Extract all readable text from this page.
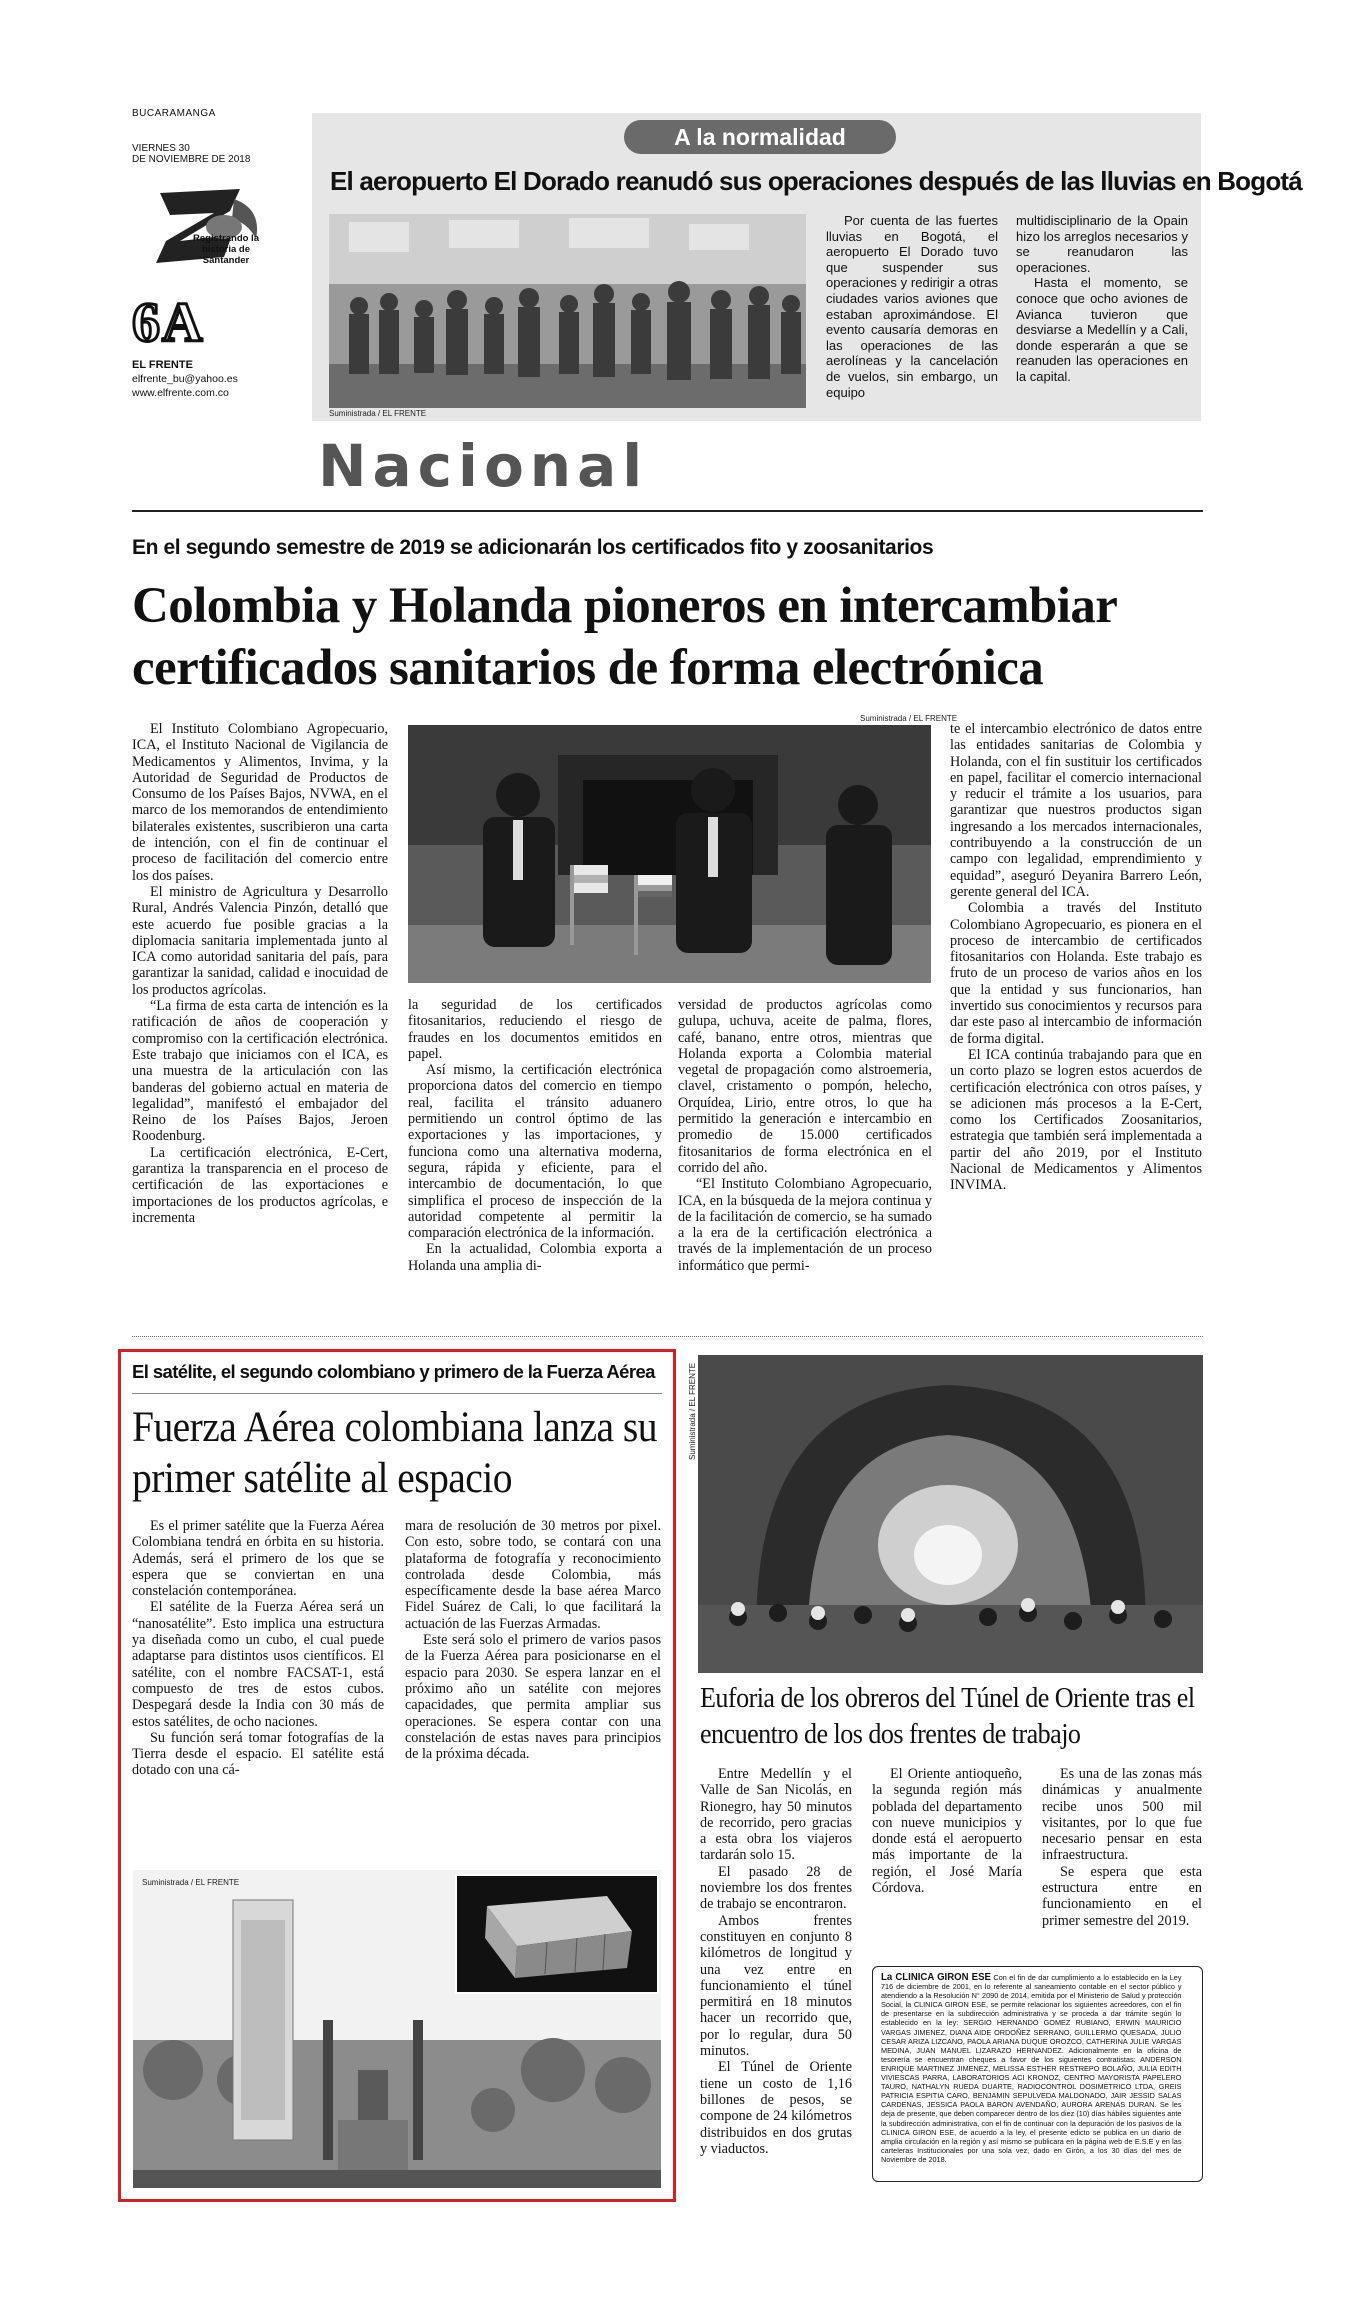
BUCARAMANGA
VIERNES 30
DE NOVIEMBRE DE 2018
Registrando la historia de Santander
6A
EL FRENTE
elfrente_bu@yahoo.es
www.elfrente.com.co
A la normalidad
El aeropuerto El Dorado reanudó sus operaciones después de las lluvias en Bogotá
Suministrada / EL FRENTE

Por cuenta de las fuertes lluvias en Bogotá, el aeropuerto El Dorado tuvo que suspender sus operaciones y redirigir a otras ciudades varios aviones que estaban aproximándose. El evento causaría demoras en las operaciones de las aerolíneas y la cancelación de vuelos, sin embargo, un equipo

multidisciplinario de la Opain hizo los arreglos necesarios y se reanudaron las operaciones.

Hasta el momento, se conoce que ocho aviones de Avianca tuvieron que desviarse a Medellín y a Cali, donde esperarán a que se reanuden las operaciones en la capital.

Nacional
En el segundo semestre de 2019 se adicionarán los certificados fito y zoosanitarios
Colombia y Holanda pioneros en intercambiar certificados sanitarios de forma electrónica
Suministrada / EL FRENTE

El Instituto Colombiano Agropecuario, ICA, el Instituto Nacional de Vigilancia de Medicamentos y Alimentos, Invima, y la Autoridad de Seguridad de Productos de Consumo de los Países Bajos, NVWA, en el marco de los memorandos de entendimiento bilaterales existentes, suscribieron una carta de intención, con el fin de continuar el proceso de facilitación del comercio entre los dos países.

El ministro de Agricultura y Desarrollo Rural, Andrés Valencia Pinzón, detalló que este acuerdo fue posible gracias a la diplomacia sanitaria implementada junto al ICA como autoridad sanitaria del país, para garantizar la sanidad, calidad e inocuidad de los productos agrícolas.

“La firma de esta carta de intención es la ratificación de años de cooperación y compromiso con la certificación electrónica. Este trabajo que iniciamos con el ICA, es una muestra de la articulación con las banderas del gobierno actual en materia de legalidad”, manifestó el embajador del Reino de los Países Bajos, Jeroen Roodenburg.

La certificación electrónica, E-Cert, garantiza la transparencia en el proceso de certificación de las exportaciones e importaciones de los productos agrícolas, e incrementa

la seguridad de los certificados fitosanitarios, reduciendo el riesgo de fraudes en los documentos emitidos en papel.

Así mismo, la certificación electrónica proporciona datos del comercio en tiempo real, facilita el tránsito aduanero permitiendo un control óptimo de las exportaciones y las importaciones, y funciona como una alternativa moderna, segura, rápida y eficiente, para el intercambio de documentación, lo que simplifica el proceso de inspección de la autoridad competente al permitir la comparación electrónica de la información.

En la actualidad, Colombia exporta a Holanda una amplia di-

versidad de productos agrícolas como gulupa, uchuva, aceite de palma, flores, café, banano, entre otros, mientras que Holanda exporta a Colombia material vegetal de propagación como alstroemeria, clavel, cristamento o pompón, helecho, Orquídea, Lirio, entre otros, lo que ha permitido la generación e intercambio en promedio de 15.000 certificados fitosanitarios de forma electrónica en el corrido del año.

“El Instituto Colombiano Agropecuario, ICA, en la búsqueda de la mejora continua y de la facilitación de comercio, se ha sumado a la era de la certificación electrónica a través de la implementación de un proceso informático que permi-

te el intercambio electrónico de datos entre las entidades sanitarias de Colombia y Holanda, con el fin sustituir los certificados en papel, facilitar el comercio internacional y reducir el trámite a los usuarios, para garantizar que nuestros productos sigan ingresando a los mercados internacionales, contribuyendo a la construcción de un campo con legalidad, emprendimiento y equidad”, aseguró Deyanira Barrero León, gerente general del ICA.

Colombia a través del Instituto Colombiano Agropecuario, es pionera en el proceso de intercambio de certificados fitosanitarios con Holanda. Este trabajo es fruto de un proceso de varios años en los que la entidad y sus funcionarios, han invertido sus conocimientos y recursos para dar este paso al intercambio de información de forma digital.

El ICA continúa trabajando para que en un corto plazo se logren estos acuerdos de certificación electrónica con otros países, y se adicionen más procesos a la E-Cert, como los Certificados Zoosanitarios, estrategia que también será implementada a partir del año 2019, por el Instituto Nacional de Medicamentos y Alimentos INVIMA.

El satélite, el segundo colombiano y primero de la Fuerza Aérea
Fuerza Aérea colombiana lanza su primer satélite al espacio

Es el primer satélite que la Fuerza Aérea Colombiana tendrá en órbita en su historia. Además, será el primero de los que se espera que se conviertan en una constelación contemporánea.

El satélite de la Fuerza Aérea será un “nanosatélite”. Esto implica una estructura ya diseñada como un cubo, el cual puede adaptarse para distintos usos científicos. El satélite, con el nombre FACSAT-1, está compuesto de tres de estos cubos. Despegará desde la India con 30 más de estos satélites, de ocho naciones.

Su función será tomar fotografías de la Tierra desde el espacio. El satélite está dotado con una cá-

mara de resolución de 30 metros por pixel. Con esto, sobre todo, se contará con una plataforma de fotografía y reconocimiento controlada desde Colombia, más específicamente desde la base aérea Marco Fidel Suárez de Cali, lo que facilitará la actuación de las Fuerzas Armadas.

Este será solo el primero de varios pasos de la Fuerza Aérea para posicionarse en el espacio para 2030. Se espera lanzar en el próximo año un satélite con mejores capacidades, que permita ampliar sus operaciones. Se espera contar con una constelación de estas naves para principios de la próxima década.

Suministrada / EL FRENTE
Suministrada / EL FRENTE
Euforia de los obreros del Túnel de Oriente tras el encuentro de los dos frentes de trabajo

Entre Medellín y el Valle de San Nicolás, en Rionegro, hay 50 minutos de recorrido, pero gracias a esta obra los viajeros tardarán solo 15.

El pasado 28 de noviembre los dos frentes de trabajo se encontraron.

Ambos frentes constituyen en conjunto 8 kilómetros de longitud y una vez entre en funcionamiento el túnel permitirá en 18 minutos hacer un recorrido que, por lo regular, dura 50 minutos.

El Túnel de Oriente tiene un costo de 1,16 billones de pesos, se compone de 24 kilómetros distribuidos en dos grutas y viaductos.

El Oriente antioqueño, la segunda región más poblada del departamento con nueve municipios y donde está el aeropuerto más importante de la región, el José María Córdova.

Es una de las zonas más dinámicas y anualmente recibe unos 500 mil visitantes, por lo que fue necesario pensar en esta infraestructura.

Se espera que esta estructura entre en funcionamiento en el primer semestre del 2019.

La CLINICA GIRON ESE Con el fin de dar cumplimiento a lo establecido en la Ley 716 de diciembre de 2001, en lo referente al saneamiento contable en el sector público y atendiendo a la Resolución N° 2090 de 2014, emitida por el Ministerio de Salud y protección Social, la CLINICA GIRON ESE, se permite relacionar los siguientes acreedores, con el fin de presentarse en la subdirección administrativa y se proceda a dar trámite según lo establecido en la ley: SERGIO HERNANDO GOMEZ RUBIANO, ERWIN MAURICIO VARGAS JIMENEZ, DIANA AIDE ORDOÑEZ SERRANO, GUILLERMO QUESADA, JULIO CESAR ARIZA LIZCANO, PAOLA ARIANA DUQUE OROZCO, CATHERINA JULIE VARGAS MEDINA, JUAN MANUEL LIZARAZO HERNANDEZ. Adicionalmente en la oficina de tesorería se encuentran cheques a favor de los siguientes contratistas: ANDERSON ENRIQUE MARTINEZ JIMENEZ, MELISSA ESTHER RESTREPO BOLAÑO, JULIA EDITH VIVIESCAS PARRA, LABORATORIOS ACI KRONOZ, CENTRO MAYORISTA PAPELERO TAURO, NATHALYN RUEDA DUARTE, RADIOCONTROL DOSIMETRICO LTDA, GREIS PATRICIA ESPITIA CARO, BENJAMIN SEPULVEDA MALDONADO, JAIR JESSID SALAS CARDENAS, JESSICA PAOLA BARON AVENDAÑO, AURORA ARENAS DURAN. Se les deja de presente, que deben comparecer dentro de los diez (10) días hábiles siguientes ante la subdirección administrativa, con el fin de continuar con la depuración de los pasivos de la CLINICA GIRON ESE, de acuerdo a la ley, el presente edicto se publica en un diario de amplia circulación en la región y así mismo se publicara en la página web de E.S.E y en las carteleras Institucionales por una sola vez, dado en Girón, a los 30 días del mes de Noviembre de 2018.
